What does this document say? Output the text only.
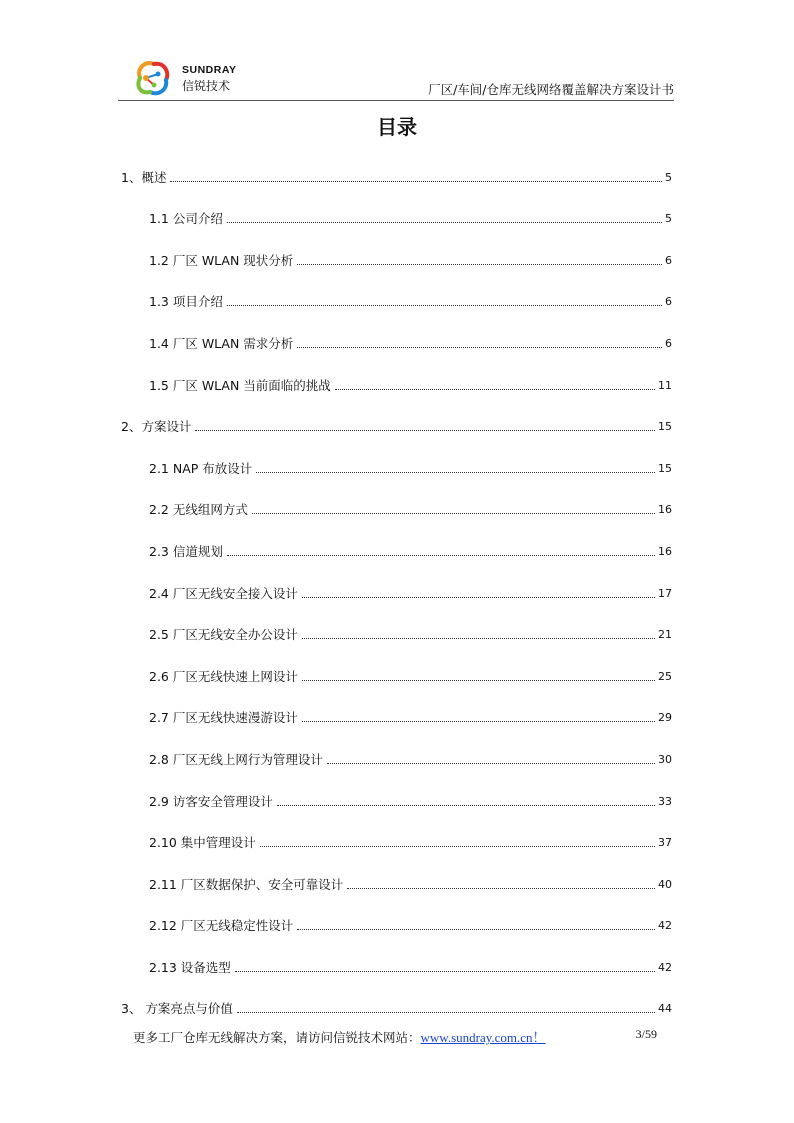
SUNDRAY
信锐技术	厂区/车间/仓库无线网络覆盖解决方案设计书
目录
1、概述	5
1.1 公司介绍	5
1.2 厂区 WLAN 现状分析	6
1.3 项目介绍	6
1.4 厂区 WLAN 需求分析	6
1.5 厂区 WLAN 当前面临的挑战	11
2、方案设计	15
2.1 NAP 布放设计	15
2.2 无线组网方式	16
2.3 信道规划	16
2.4 厂区无线安全接入设计	17
2.5 厂区无线安全办公设计	21
2.6 厂区无线快速上网设计	25
2.7 厂区无线快速漫游设计	29
2.8 厂区无线上网行为管理设计	30
2.9 访客安全管理设计	33
2.10 集中管理设计	37
2.11 厂区数据保护、安全可靠设计	40
2.12 厂区无线稳定性设计	42
2.13 设备选型	42
3、 方案亮点与价值	44
更多工厂仓库无线解决方案，请访问信锐技术网站：www.sundray.com.cn！	3/59
